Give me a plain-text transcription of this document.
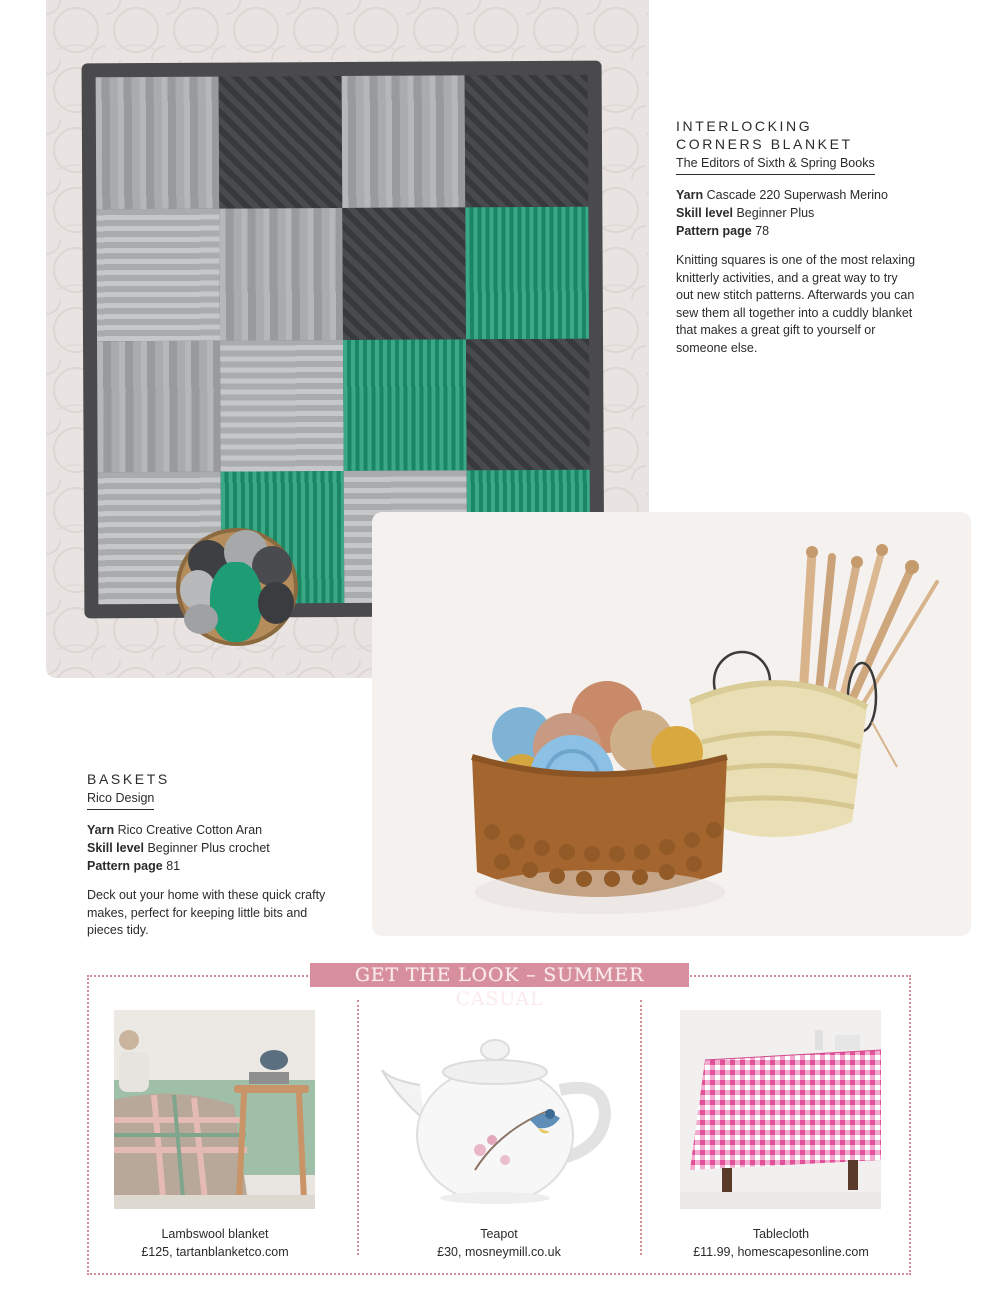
INTERLOCKING
CORNERS BLANKET
The Editors of Sixth & Spring Books
Yarn Cascade 220 Superwash Merino
Skill level Beginner Plus
Pattern page 78
Knitting squares is one of the most relaxing knitterly activities, and a great way to try out new stitch patterns. Afterwards you can sew them all together into a cuddly blanket that makes a great gift to yourself or someone else.
BASKETS
Rico Design
Yarn Rico Creative Cotton Aran
Skill level Beginner Plus crochet
Pattern page 81
Deck out your home with these quick crafty makes, perfect for keeping little bits and pieces tidy.
GET THE LOOK – SUMMER CASUAL
Lambswool blanket
£125, tartanblanketco.com
Teapot
£30, mosneymill.co.uk
Tablecloth
£11.99, homescapesonline.com
